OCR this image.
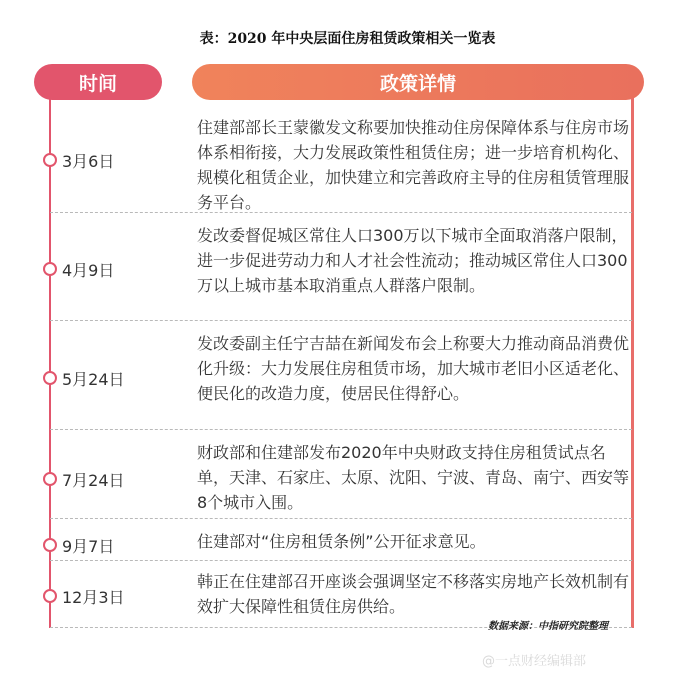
表：2020 年中央层面住房租赁政策相关一览表
时间	政策详情
3月6日
住建部部长王蒙徽发文称要加快推动住房保障体系与住房市场体系相衔接，大力发展政策性租赁住房；进一步培育机构化、规模化租赁企业，加快建立和完善政府主导的住房租赁管理服务平台。
4月9日
发改委督促城区常住人口300万以下城市全面取消落户限制，进一步促进劳动力和人才社会性流动；推动城区常住人口300万以上城市基本取消重点人群落户限制。
5月24日
发改委副主任宁吉喆在新闻发布会上称要大力推动商品消费优化升级：大力发展住房租赁市场，加大城市老旧小区适老化、便民化的改造力度，使居民住得舒心。
7月24日
财政部和住建部发布2020年中央财政支持住房租赁试点名单，天津、石家庄、太原、沈阳、宁波、青岛、南宁、西安等8个城市入围。
9月7日	住建部对“住房租赁条例”公开征求意见。
12月3日
韩正在住建部召开座谈会强调坚定不移落实房地产长效机制有效扩大保障性租赁住房供给。
数据来源：中指研究院整理
@一点财经编辑部
